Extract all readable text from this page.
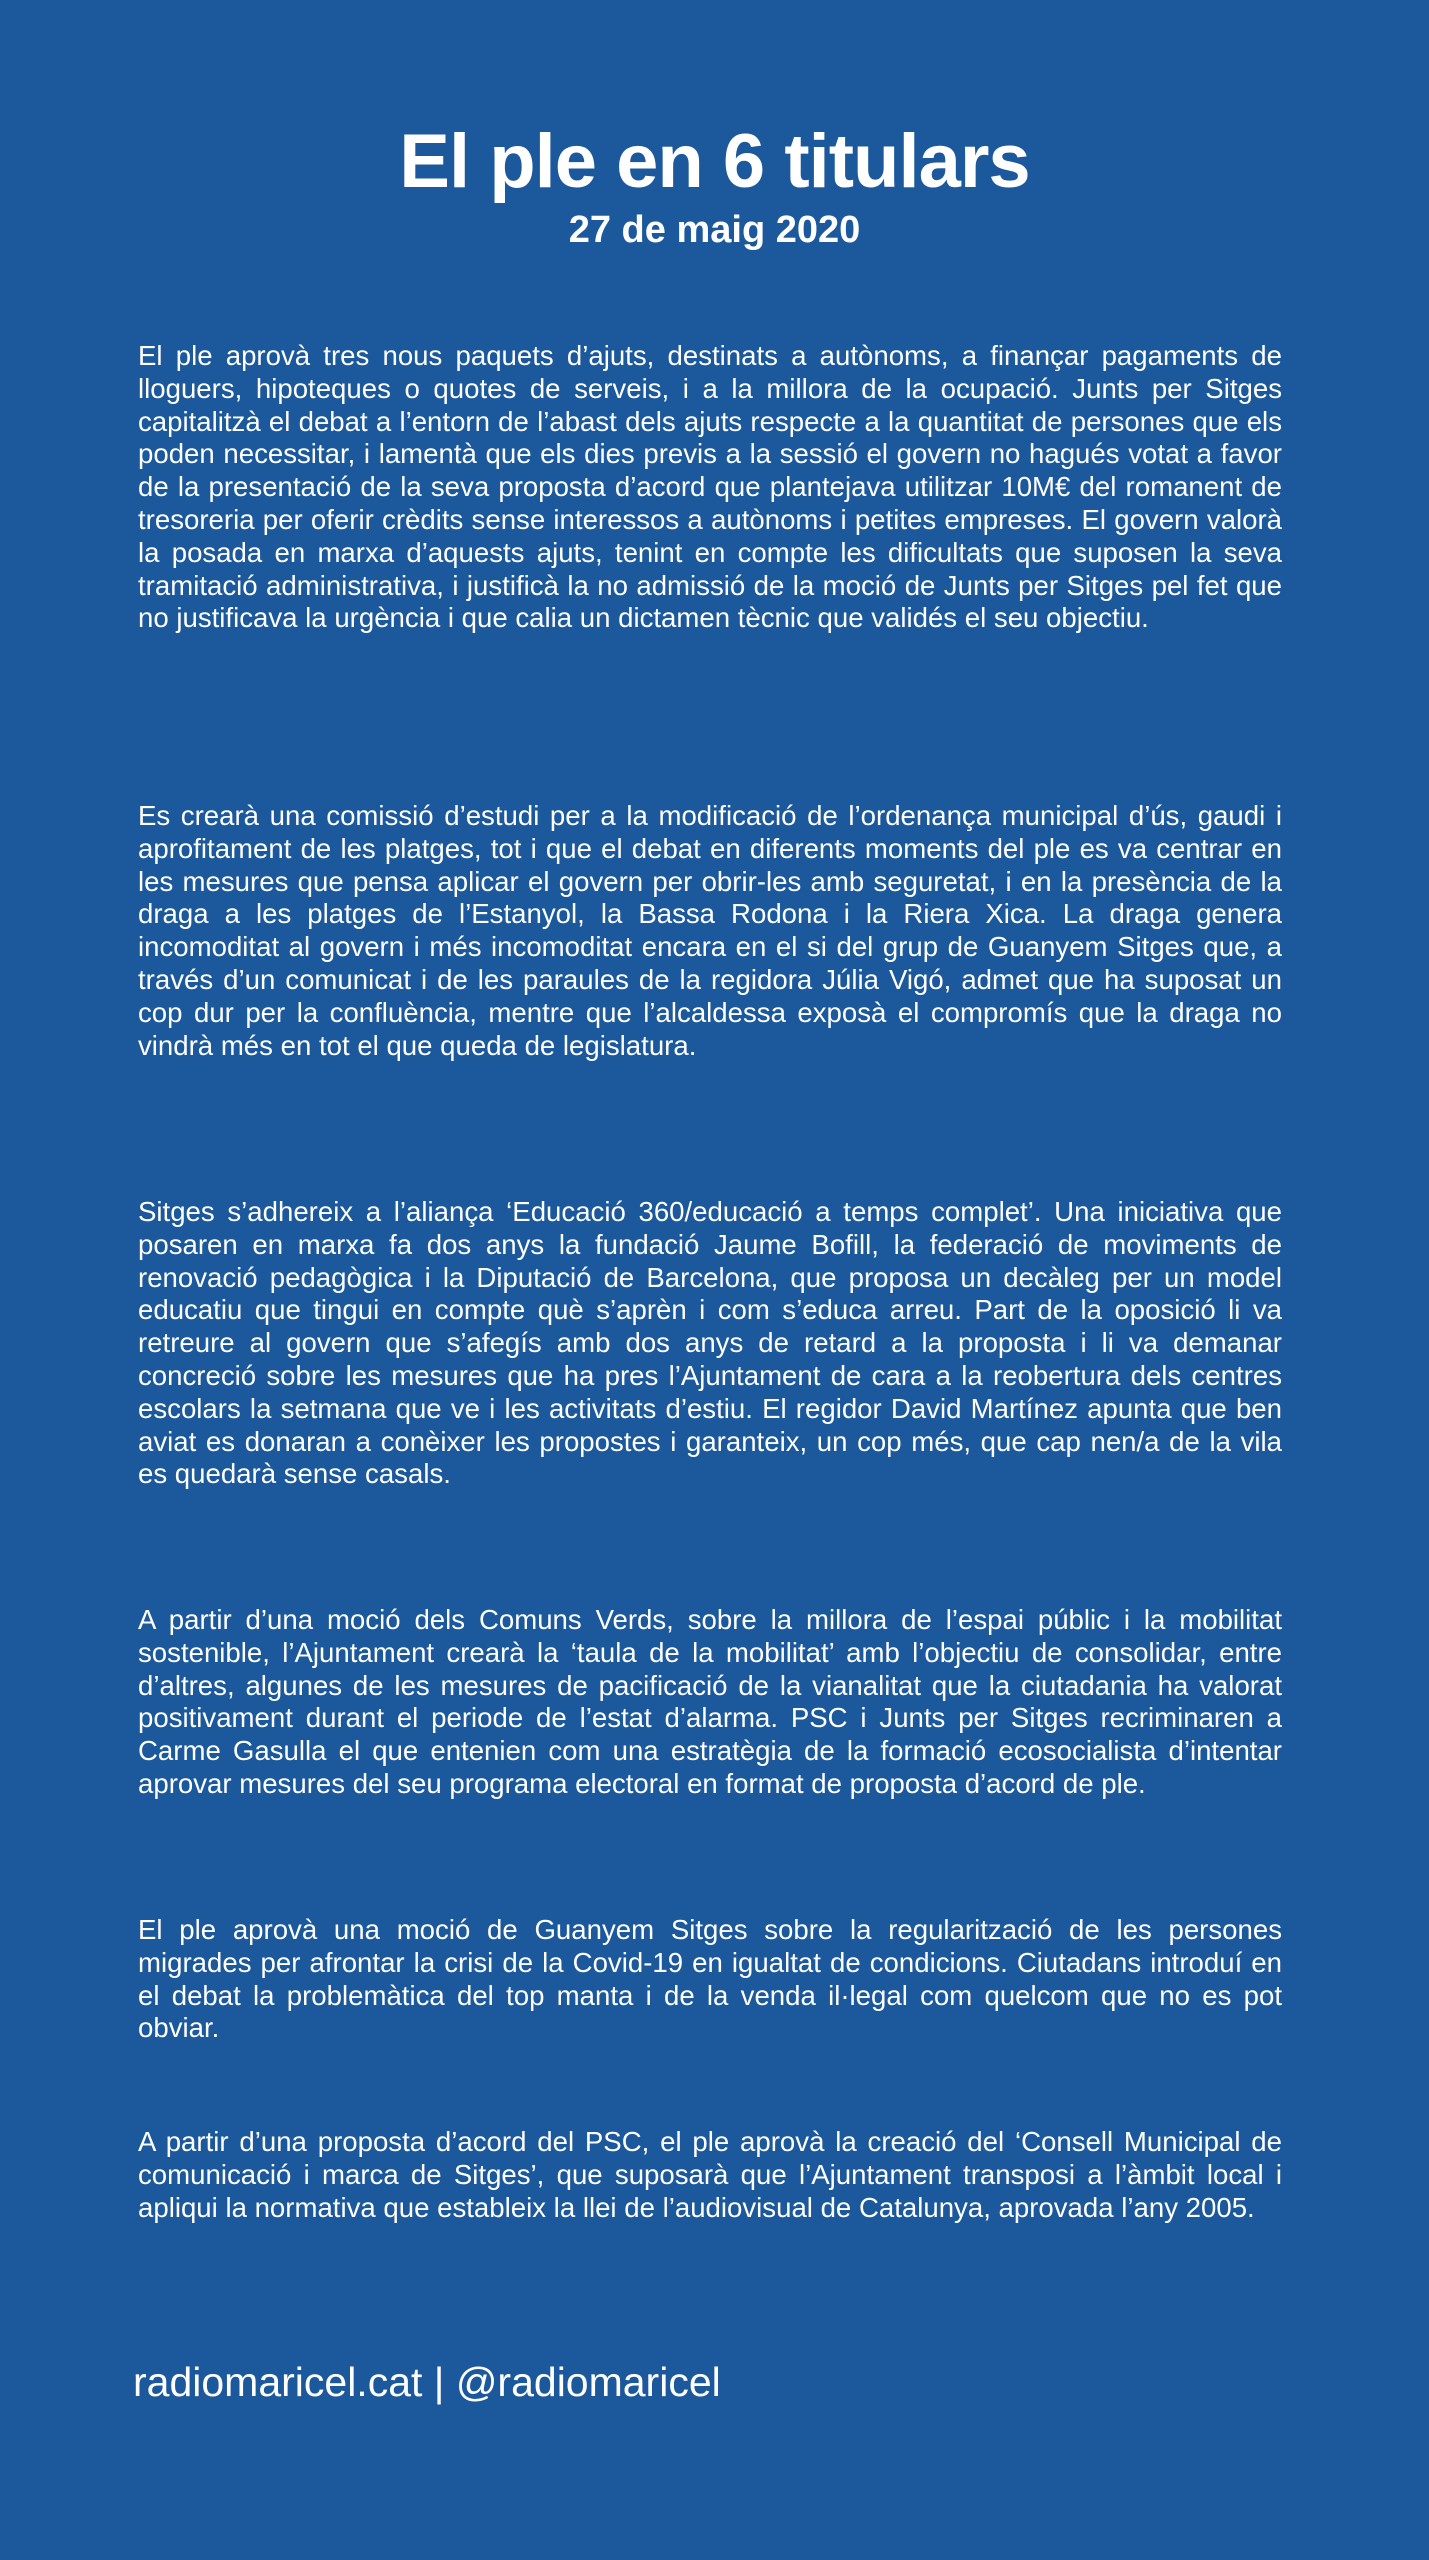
El ple en 6 titulars
27 de maig 2020

El ple aprovà tres nous paquets d’ajuts, destinats a autònoms, a finançar pagaments de lloguers, hipoteques o quotes de serveis, i a la millora de la ocupació. Junts per Sitges capitalitzà el debat a l’entorn de l’abast dels ajuts respecte a la quantitat de persones que els poden necessitar, i lamentà que els dies previs a la sessió el govern no hagués votat a favor de la presentació de la seva proposta d’acord que plantejava utilitzar 10M€ del romanent de tresoreria per oferir crèdits sense interessos a autònoms i petites empreses. El govern valorà la posada en marxa d’aquests ajuts, tenint en compte les dificultats que suposen la seva tramitació administrativa, i justificà la no admissió de la moció de Junts per Sitges pel fet que no justificava la urgència i que calia un dictamen tècnic que validés el seu objectiu.

Es crearà una comissió d’estudi per a la modificació de l’ordenança municipal d’ús, gaudi i aprofitament de les platges, tot i que el debat en diferents moments del ple es va centrar en les mesures que pensa aplicar el govern per obrir-les amb seguretat, i en la presència de la draga a les platges de l’Estanyol, la Bassa Rodona i la Riera Xica. La draga genera incomoditat al govern i més incomoditat encara en el si del grup de Guanyem Sitges que, a través d’un comunicat i de les paraules de la regidora Júlia Vigó, admet que ha suposat un cop dur per la confluència, mentre que l’alcaldessa exposà el compromís que la draga no vindrà més en tot el que queda de legislatura.

Sitges s’adhereix a l’aliança ‘Educació 360/educació a temps complet’. Una iniciativa que posaren en marxa fa dos anys la fundació Jaume Bofill, la federació de moviments de renovació pedagògica i la Diputació de Barcelona, que proposa un decàleg per un model educatiu que tingui en compte què s’aprèn i com s’educa arreu. Part de la oposició li va retreure al govern que s’afegís amb dos anys de retard a la proposta i li va demanar concreció sobre les mesures que ha pres l’Ajuntament de cara a la reobertura dels centres escolars la setmana que ve i les activitats d’estiu. El regidor David Martínez apunta que ben aviat es donaran a conèixer les propostes i garanteix, un cop més, que cap nen/a de la vila es quedarà sense casals.

A partir d’una moció dels Comuns Verds, sobre la millora de l’espai públic i la mobilitat sostenible, l’Ajuntament crearà la ‘taula de la mobilitat’ amb l’objectiu de consolidar, entre d’altres, algunes de les mesures de pacificació de la vianalitat que la ciutadania ha valorat positivament durant el periode de l’estat d’alarma. PSC i Junts per Sitges recriminaren a Carme Gasulla el que entenien com una estratègia de la formació ecosocialista d’intentar aprovar mesures del seu programa electoral en format de proposta d’acord de ple.

El ple aprovà una moció de Guanyem Sitges sobre la regularització de les persones migrades per afrontar la crisi de la Covid-19 en igualtat de condicions. Ciutadans introduí en el debat la problemàtica del top manta i de la venda il·legal com quelcom que no es pot obviar.

A partir d’una proposta d’acord del PSC, el ple aprovà la creació del ‘Consell Municipal de comunicació i marca de Sitges’, que suposarà que l’Ajuntament transposi a l’àmbit local i apliqui la normativa que estableix la llei de l’audiovisual de Catalunya, aprovada l’any 2005.

radiomaricel.cat | @radiomaricel
